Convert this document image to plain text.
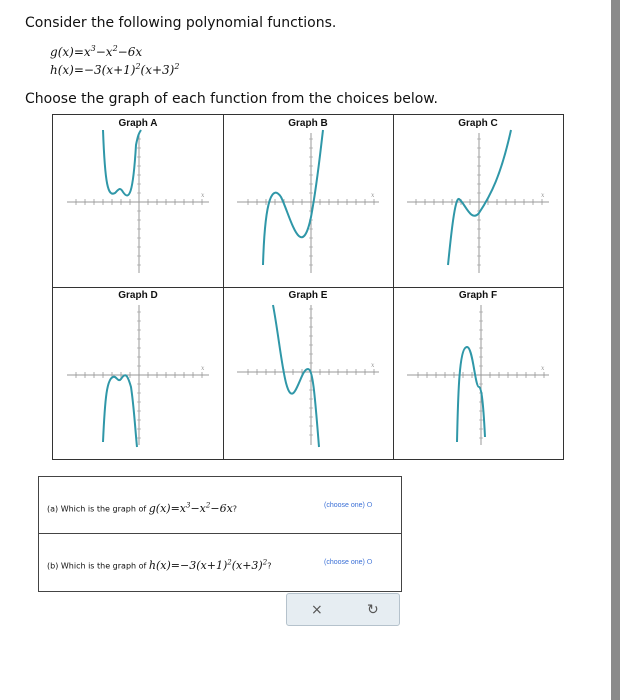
Consider the following polynomial functions.
$g(x)=x^3-x^2-6x$
$h(x)=-3(x+1)^2(x+3)^2$
Choose the graph of each function from the choices below.
x
Graph A
x
Graph B
x
Graph C
x
Graph D
x
Graph E
x
Graph F
(a) Which is the graph of $g(x)=x^3-x^2-6x$?	(choose one) ⭘
(b) Which is the graph of $h(x)=-3(x+1)^2(x+3)^2$?	(choose one) ⭘
×	↻
